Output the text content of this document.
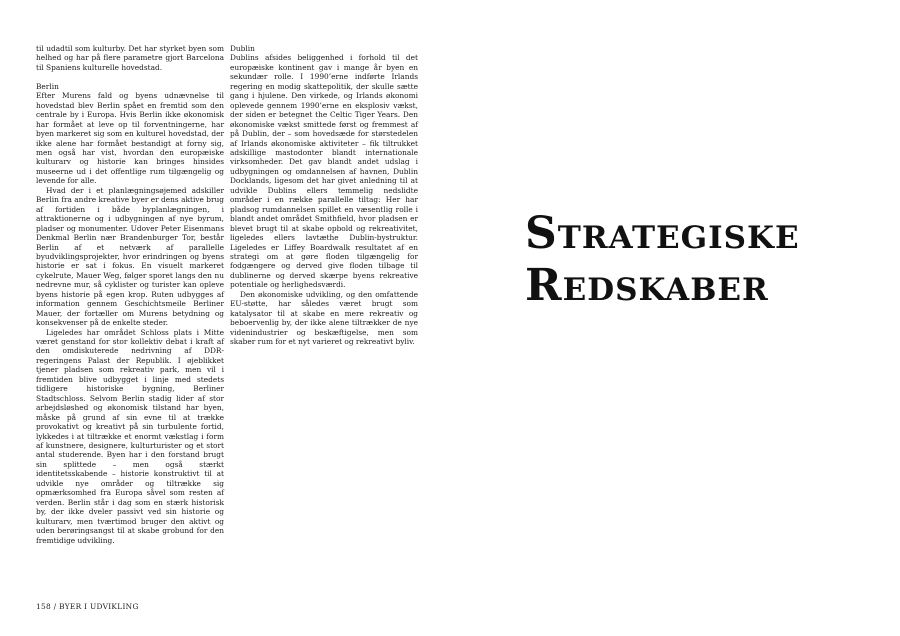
til udadtil som kulturby. Det har styrket byen som helhed og har på flere parametre gjort Barcelona til Spaniens kulturelle hovedstad.

Berlin

Efter Murens fald og byens udnævnelse til hovedstad blev Berlin spået en fremtid som den centrale by i Europa. Hvis Berlin ikke økonomisk har formået at leve op til forventningerne, har byen markeret sig som en kulturel hovedstad, der ikke alene har formået bestandigt at forny sig, men også har vist, hvordan den europæiske kulturarv og historie kan bringes hinsides museerne ud i det offentlige rum tilgængelig og levende for alle.

Hvad der i et planlægningsøjemed adskiller Berlin fra andre kreative byer er dens aktive brug af fortiden i både byplanlægningen, i attraktionerne og i udbygningen af nye byrum, pladser og monumenter. Udover Peter Eisenmans Denkmal Berlin nær Brandenburger Tor, består Berlin af et netværk af parallelle byudviklingsprojekter, hvor erindringen og byens historie er sat i fokus. En visuelt markeret cykelrute, Mauer Weg, følger sporet langs den nu nedrevne mur, så cyklister og turister kan opleve byens historie på egen krop. Ruten udbygges af information gennem Geschichtsmeile Berliner Mauer, der fortæller om Murens betydning og konsekvenser på de enkelte steder.

Ligeledes har området Schloss plats i Mitte været genstand for stor kollektiv debat i kraft af den omdiskuterede nedrivning af DDR-regeringens Palast der Republik. I øjeblikket tjener pladsen som rekreativ park, men vil i fremtiden blive udbygget i linje med stedets tidligere historiske bygning, Berliner Stadtschloss. Selvom Berlin stadig lider af stor arbejdsløshed og økonomisk tilstand har byen, måske på grund af sin evne til at trække provokativt og kreativt på sin turbulente fortid, lykkedes i at tiltrække et enormt vækstlag i form af kunstnere, designere, kulturturister og et stort antal studerende. Byen har i den forstand brugt sin splittede – men også stærkt identitetsskabende – historie konstruktivt til at udvikle nye områder og tiltrække sig opmærksomhed fra Europa såvel som resten af verden. Berlin står i dag som en stærk historisk by, der ikke dveler passivt ved sin historie og kulturarv, men tværtimod bruger den aktivt og uden berøringsangst til at skabe grobund for den fremtidige udvikling.

Dublin

Dublins afsides beliggenhed i forhold til det europæiske kontinent gav i mange år byen en sekundær rolle. I 1990’erne indførte Irlands regering en modig skattepolitik, der skulle sætte gang i hjulene. Den virkede, og Irlands økonomi oplevede gennem 1990’erne en eksplosiv vækst, der siden er betegnet the Celtic Tiger Years. Den økonomiske vækst smittede først og fremmest af på Dublin, der – som hovedsæde for størstedelen af Irlands økonomiske aktiviteter – fik tiltrukket adskillige mastodonter blandt internationale virksomheder. Det gav blandt andet udslag i udbygningen og omdannelsen af havnen, Dublin Docklands, ligesom det har givet anledning til at udvikle Dublins ellers temmelig nedslidte områder i en række parallelle tiltag: Her har pladsog rumdannelsen spillet en væsentlig rolle i blandt andet området Smithfield, hvor pladsen er blevet brugt til at skabe opbold og rekreativitet, ligeledes ellers lavtæthe Dublin-bystruktur. Ligeledes er Liffey Boardwalk resultatet af en strategi om at gøre floden tilgængelig for fodgængere og derved give floden tilbage til dublinerne og derved skærpe byens rekreative potentiale og herlighedsværdi.

Den økonomiske udvikling, og den omfattende EU-støtte, har således været brugt som katalysator til at skabe en mere rekreativ og beboervenlig by, der ikke alene tiltrækker de nye videnindustrier og beskæftigelse, men som skaber rum for et nyt varieret og rekreativt byliv.

158 / BYER I UDVIKLING
Strategiske
Redskaber
